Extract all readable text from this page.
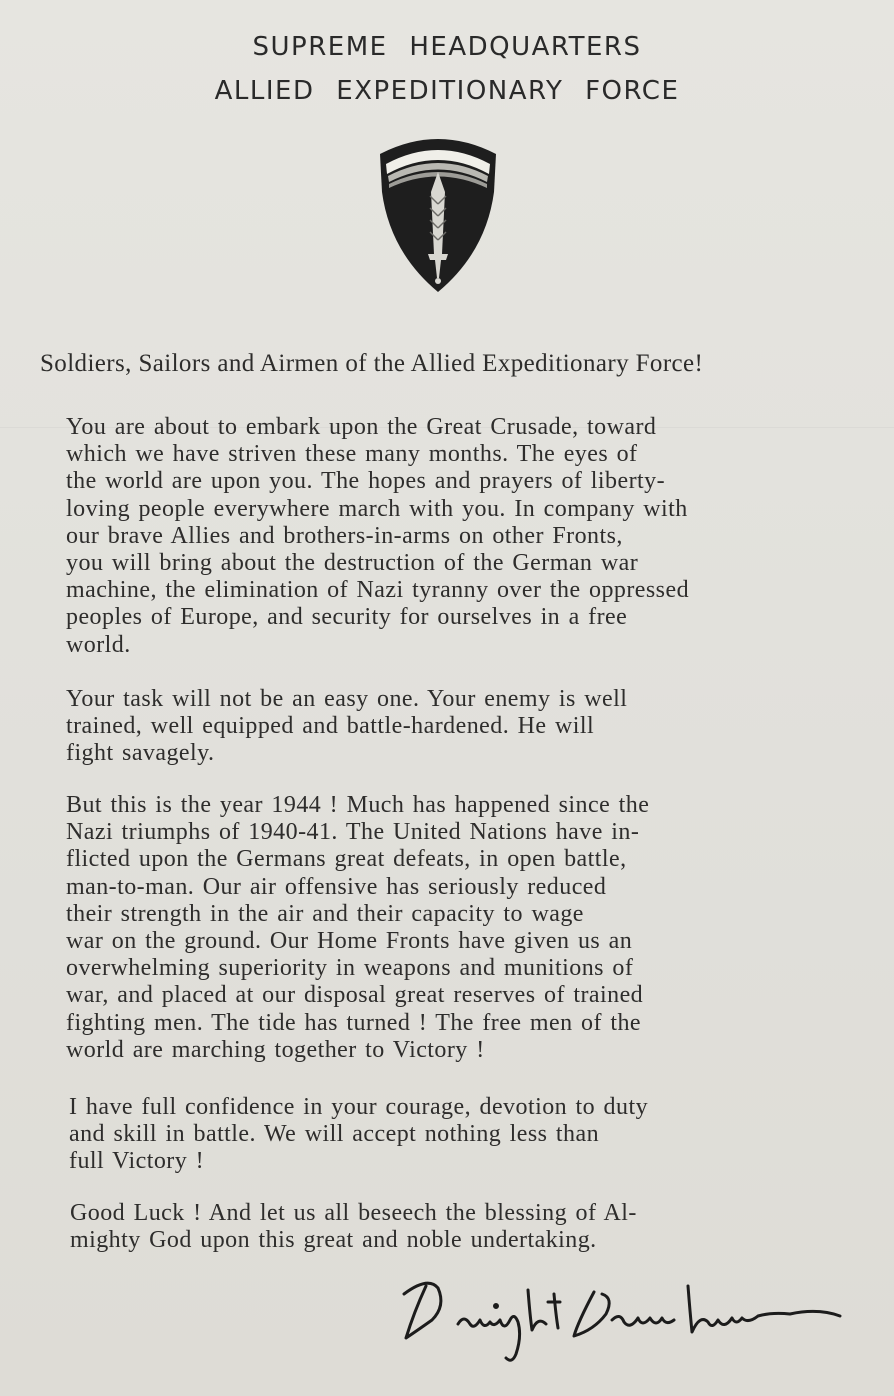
SUPREME HEADQUARTERS
ALLIED EXPEDITIONARY FORCE
Soldiers, Sailors and Airmen of the Allied Expeditionary Force!

You are about to embark upon the Great Crusade, toward
which we have striven these many months. The eyes of
the world are upon you. The hopes and prayers of liberty-
loving people everywhere march with you. In company with
our brave Allies and brothers-in-arms on other Fronts,
you will bring about the destruction of the German war
machine, the elimination of Nazi tyranny over the oppressed
peoples of Europe, and security for ourselves in a free
world.

Your task will not be an easy one. Your enemy is well
trained, well equipped and battle-hardened. He will
fight savagely.

But this is the year 1944 ! Much has happened since the
Nazi triumphs of 1940-41. The United Nations have in-
flicted upon the Germans great defeats, in open battle,
man-to-man. Our air offensive has seriously reduced
their strength in the air and their capacity to wage
war on the ground. Our Home Fronts have given us an
overwhelming superiority in weapons and munitions of
war, and placed at our disposal great reserves of trained
fighting men. The tide has turned ! The free men of the
world are marching together to Victory !

I have full confidence in your courage, devotion to duty
and skill in battle. We will accept nothing less than
full Victory !

Good Luck ! And let us all beseech the blessing of Al-
mighty God upon this great and noble undertaking.
